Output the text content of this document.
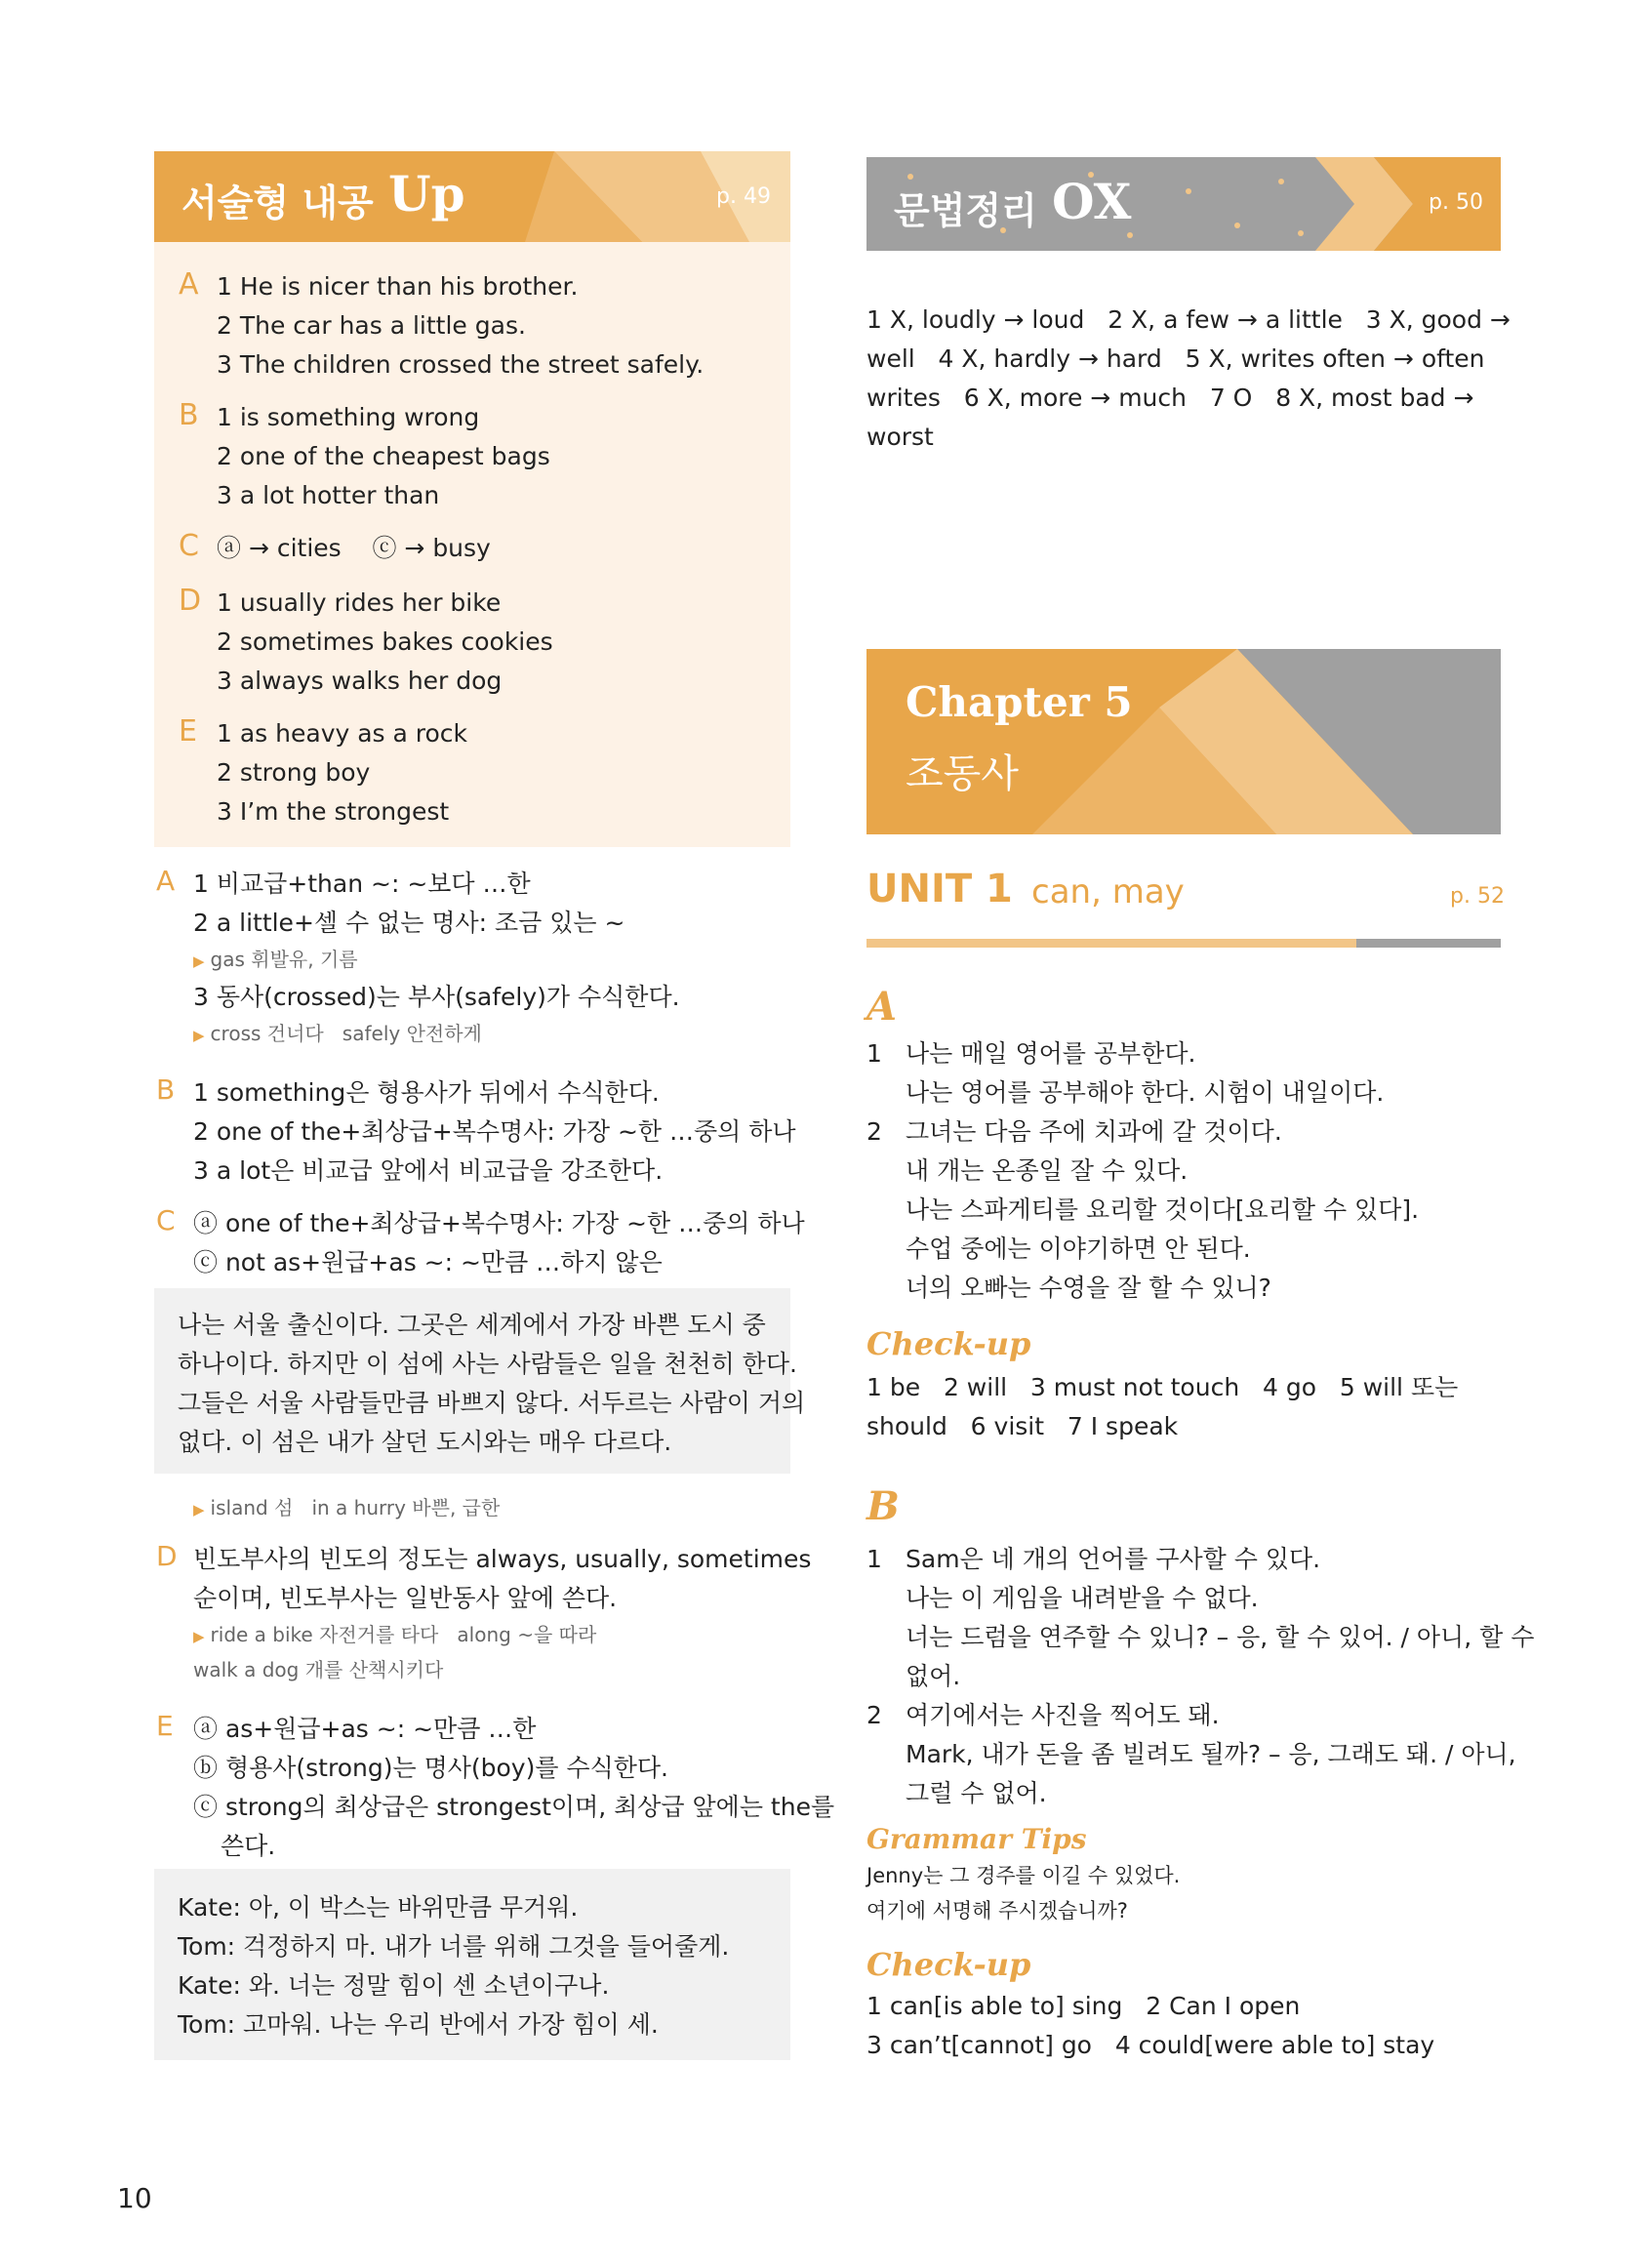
서술형 내공 Up	p. 49
A 1 He is nicer than his brother.
2 The car has a little gas.
3 The children crossed the street safely.
B 1 is something wrong
2 one of the cheapest bags
3 a lot hotter than
C ⓐ → cities    ⓒ → busy
D 1 usually rides her bike
2 sometimes bakes cookies
3 always walks her dog
E 1 as heavy as a rock
2 strong boy
3 I’m the strongest
A 1 비교급+than ~: ~보다 …한
2 a little+셀 수 없는 명사: 조금 있는 ~
▶ gas 휘발유, 기름
3 동사(crossed)는 부사(safely)가 수식한다.
▶ cross 건너다   safely 안전하게
B 1 something은 형용사가 뒤에서 수식한다.
2 one of the+최상급+복수명사: 가장 ~한 …중의 하나
3 a lot은 비교급 앞에서 비교급을 강조한다.
C ⓐ one of the+최상급+복수명사: 가장 ~한 …중의 하나
ⓒ not as+원급+as ~: ~만큼 …하지 않은
나는 서울 출신이다. 그곳은 세계에서 가장 바쁜 도시 중
하나이다. 하지만 이 섬에 사는 사람들은 일을 천천히 한다.
그들은 서울 사람들만큼 바쁘지 않다. 서두르는 사람이 거의
없다. 이 섬은 내가 살던 도시와는 매우 다르다.
▶ island 섬   in a hurry 바쁜, 급한
D 빈도부사의 빈도의 정도는 always, usually, sometimes
순이며, 빈도부사는 일반동사 앞에 쓴다.
▶ ride a bike 자전거를 타다   along ~을 따라
walk a dog 개를 산책시키다
E ⓐ as+원급+as ~: ~만큼 …한
ⓑ 형용사(strong)는 명사(boy)를 수식한다.
ⓒ strong의 최상급은 strongest이며, 최상급 앞에는 the를
쓴다.
Kate: 아, 이 박스는 바위만큼 무거워.
Tom: 걱정하지 마. 내가 너를 위해 그것을 들어줄게.
Kate: 와. 너는 정말 힘이 센 소년이구나.
Tom: 고마워. 나는 우리 반에서 가장 힘이 세.
문법정리 OX	p. 50
1 X, loudly → loud   2 X, a few → a little   3 X, good →
well   4 X, hardly → hard   5 X, writes often → often
writes   6 X, more → much   7 O   8 X, most bad →
worst
Chapter 5
조동사
UNIT 1 can, may	p. 52
A
1 나는 매일 영어를 공부한다.
나는 영어를 공부해야 한다. 시험이 내일이다.
2 그녀는 다음 주에 치과에 갈 것이다.
내 개는 온종일 잘 수 있다.
나는 스파게티를 요리할 것이다[요리할 수 있다].
수업 중에는 이야기하면 안 된다.
너의 오빠는 수영을 잘 할 수 있니?
Check-up
1 be   2 will   3 must not touch   4 go   5 will 또는
should   6 visit   7 I speak
B
1 Sam은 네 개의 언어를 구사할 수 있다.
나는 이 게임을 내려받을 수 없다.
너는 드럼을 연주할 수 있니? – 응, 할 수 있어. / 아니, 할 수
없어.
2 여기에서는 사진을 찍어도 돼.
Mark, 내가 돈을 좀 빌려도 될까? – 응, 그래도 돼. / 아니,
그럴 수 없어.
Grammar Tips
Jenny는 그 경주를 이길 수 있었다.
여기에 서명해 주시겠습니까?
Check-up
1 can[is able to] sing   2 Can I open
3 can’t[cannot] go   4 could[were able to] stay
10
